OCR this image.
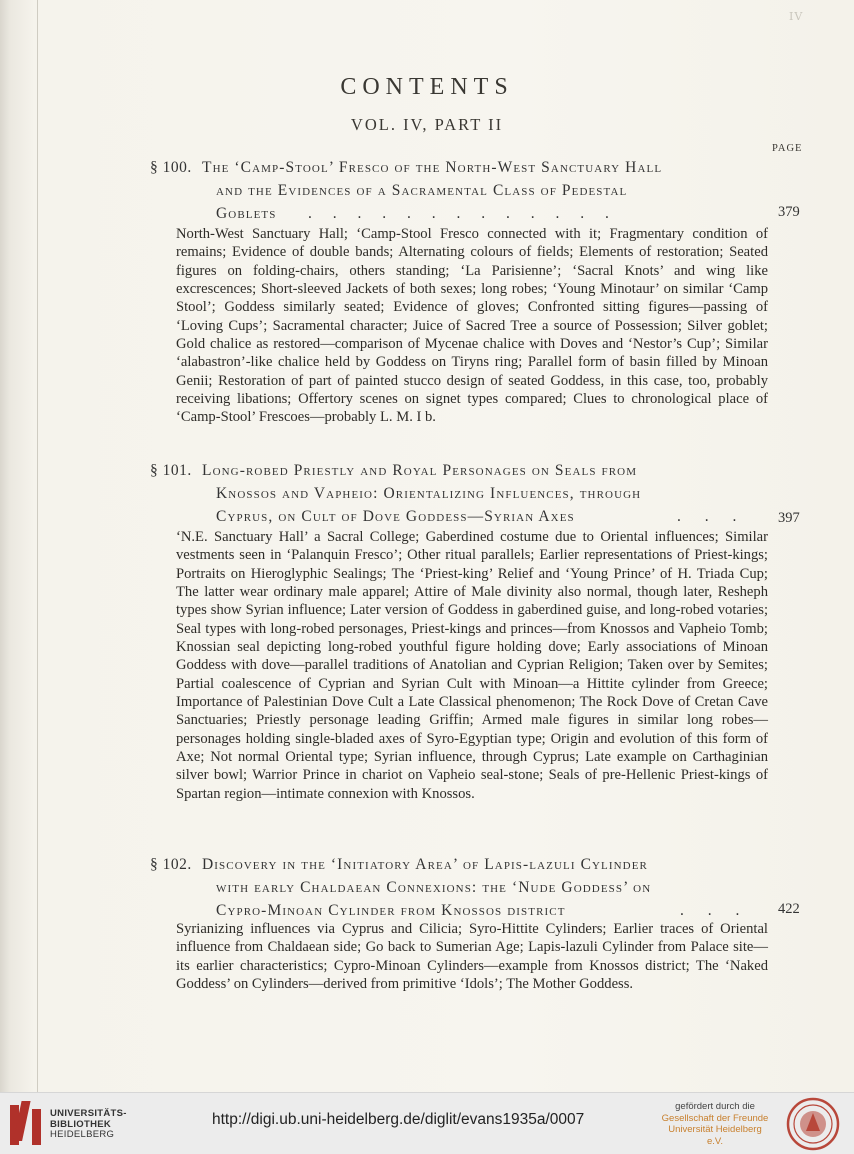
IV
CONTENTS
VOL. IV, PART II
PAGE
§ 100. The ‘Camp-Stool’ Fresco of the North-West Sanctuary Hall
and the Evidences of a Sacramental Class of Pedestal
Goblets . . . . . . . . . . . . .	379
North-West Sanctuary Hall; ‘Camp-Stool Fresco connected with it; Fragmentary condition of remains; Evidence of double bands; Alternating colours of fields; Elements of restoration; Seated figures on folding-chairs, others standing; ‘La Parisienne’; ‘Sacral Knots’ and wing like excrescences; Short-sleeved Jackets of both sexes; long robes; ‘Young Minotaur’ on similar ‘Camp Stool’; Goddess similarly seated; Evidence of gloves; Confronted sitting figures—passing of ‘Loving Cups’; Sacramental character; Juice of Sacred Tree a source of Possession; Silver goblet; Gold chalice as restored—comparison of Mycenae chalice with Doves and ‘Nestor’s Cup’; Similar ‘alabastron’-like chalice held by Goddess on Tiryns ring; Parallel form of basin filled by Minoan Genii; Restoration of part of painted stucco design of seated Goddess, in this case, too, probably receiving libations; Offertory scenes on signet types compared; Clues to chronological place of ‘Camp-Stool’ Frescoes—probably L. M. I b.
§ 101. Long-robed Priestly and Royal Personages on Seals from
Knossos and Vapheio: Orientalizing Influences, through
Cyprus, on Cult of Dove Goddess—Syrian Axes	. . . 397
‘N.E. Sanctuary Hall’ a Sacral College; Gaberdined costume due to Oriental influences; Similar vestments seen in ‘Palanquin Fresco’; Other ritual parallels; Earlier representations of Priest-kings; Portraits on Hieroglyphic Sealings; The ‘Priest-king’ Relief and ‘Young Prince’ of H. Triada Cup; The latter wear ordinary male apparel; Attire of Male divinity also normal, though later, Resheph types show Syrian influence; Later version of Goddess in gaberdined guise, and long-robed votaries; Seal types with long-robed personages, Priest-kings and princes—from Knossos and Vapheio Tomb; Knossian seal depicting long-robed youthful figure holding dove; Early associations of Minoan Goddess with dove—parallel traditions of Anatolian and Cyprian Religion; Taken over by Semites; Partial coalescence of Cyprian and Syrian Cult with Minoan—a Hittite cylinder from Greece; Importance of Palestinian Dove Cult a Late Classical phenomenon; The Rock Dove of Cretan Cave Sanctuaries; Priestly personage leading Griffin; Armed male figures in similar long robes—personages holding single-bladed axes of Syro-Egyptian type; Origin and evolution of this form of Axe; Not normal Oriental type; Syrian influence, through Cyprus; Late example on Carthaginian silver bowl; Warrior Prince in chariot on Vapheio seal-stone; Seals of pre-Hellenic Priest-kings of Spartan region—intimate connexion with Knossos.
§ 102. Discovery in the ‘Initiatory Area’ of Lapis-lazuli Cylinder
with early Chaldaean Connexions: the ‘Nude Goddess’ on
Cypro-Minoan Cylinder from Knossos district	. . . 422
Syrianizing influences via Cyprus and Cilicia; Syro-Hittite Cylinders; Earlier traces of Oriental influence from Chaldaean side; Go back to Sumerian Age; Lapis-lazuli Cylinder from Palace site—its earlier characteristics; Cypro-Minoan Cylinders—example from Knossos district; The ‘Naked Goddess’ on Cylinders—derived from primitive ‘Idols’; The Mother Goddess.
UNIVERSITÄTS-
BIBLIOTHEK
HEIDELBERG
http://digi.ub.uni-heidelberg.de/diglit/evans1935a/0007
gefördert durch die
Gesellschaft der Freunde
Universität Heidelberg e.V.
